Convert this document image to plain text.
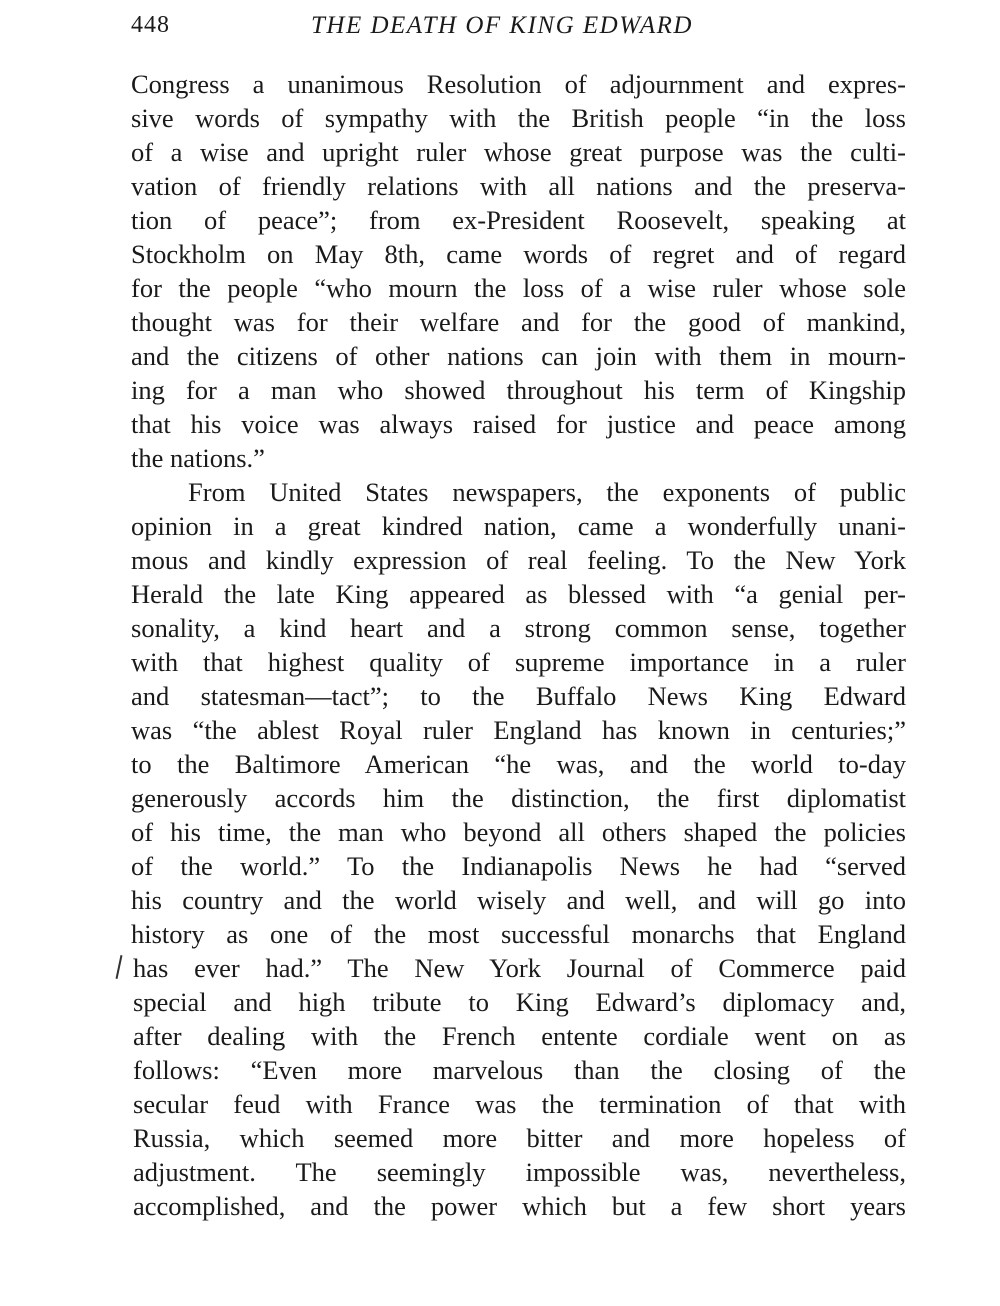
448	THE DEATH OF KING EDWARD
Congress a unanimous Resolution of adjournment and expres-
sive words of sympathy with the British people “in the loss
of a wise and upright ruler whose great purpose was the culti-
vation of friendly relations with all nations and the preserva-
tion of peace”; from ex-President Roosevelt, speaking at
Stockholm on May 8th, came words of regret and of regard
for the people “who mourn the loss of a wise ruler whose sole
thought was for their welfare and for the good of mankind,
and the citizens of other nations can join with them in mourn-
ing for a man who showed throughout his term of Kingship
that his voice was always raised for justice and peace among
the nations.”
From United States newspapers, the exponents of public
opinion in a great kindred nation, came a wonderfully unani-
mous and kindly expression of real feeling. To the New York
Herald the late King appeared as blessed with “a genial per-
sonality, a kind heart and a strong common sense, together
with that highest quality of supreme importance in a ruler
and statesman—tact”; to the Buffalo News King Edward
was “the ablest Royal ruler England has known in centuries;”
to the Baltimore American “he was, and the world to-day
generously accords him the distinction, the first diplomatist
of his time, the man who beyond all others shaped the policies
of the world.” To the Indianapolis News he had “served
his country and the world wisely and well, and will go into
history as one of the most successful monarchs that England
has ever had.” The New York Journal of Commerce paid
special and high tribute to King Edward’s diplomacy and,
after dealing with the French entente cordiale went on as
follows: “Even more marvelous than the closing of the
secular feud with France was the termination of that with
Russia, which seemed more bitter and more hopeless of
adjustment. The seemingly impossible was, nevertheless,
accomplished, and the power which but a few short years
